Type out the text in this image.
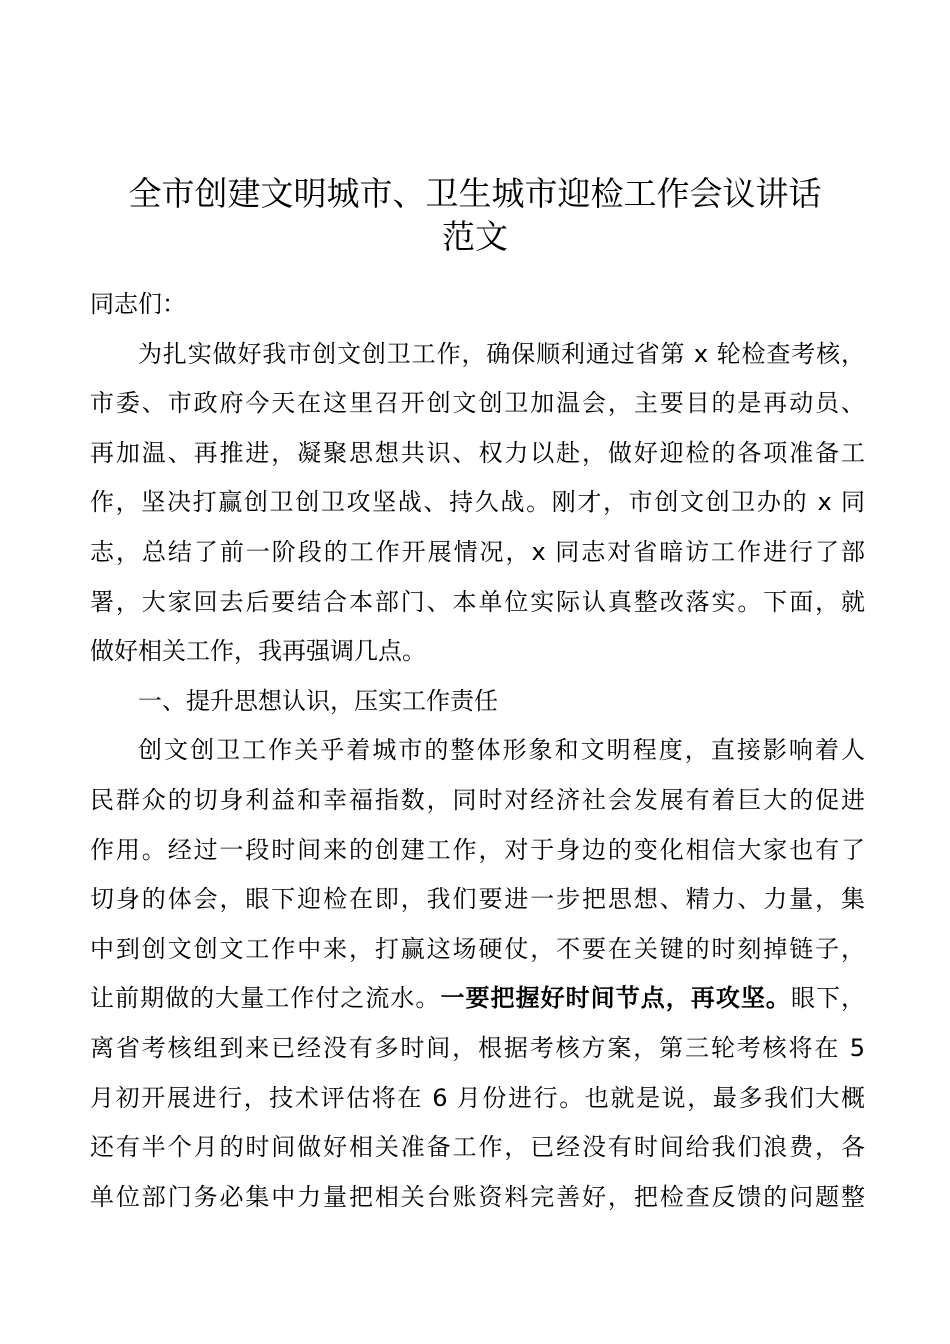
全市创建文明城市、卫生城市迎检工作会议讲话
范文

同志们：

为扎实做好我市创文创卫工作，确保顺利通过省第 x 轮检查考核，
市委、市政府今天在这里召开创文创卫加温会，主要目的是再动员、
再加温、再推进，凝聚思想共识、权力以赴，做好迎检的各项准备工
作，坚决打赢创卫创卫攻坚战、持久战。刚才，市创文创卫办的 x 同
志，总结了前一阶段的工作开展情况，x 同志对省暗访工作进行了部
署，大家回去后要结合本部门、本单位实际认真整改落实。下面，就
做好相关工作，我再强调几点。

一、提升思想认识，压实工作责任

创文创卫工作关乎着城市的整体形象和文明程度，直接影响着人
民群众的切身利益和幸福指数，同时对经济社会发展有着巨大的促进
作用。经过一段时间来的创建工作，对于身边的变化相信大家也有了
切身的体会，眼下迎检在即，我们要进一步把思想、精力、力量，集
中到创文创文工作中来，打赢这场硬仗，不要在关键的时刻掉链子，
让前期做的大量工作付之流水。一要把握好时间节点，再攻坚。眼下，
离省考核组到来已经没有多时间，根据考核方案，第三轮考核将在 5
月初开展进行，技术评估将在 6 月份进行。也就是说，最多我们大概
还有半个月的时间做好相关准备工作，已经没有时间给我们浪费，各
单位部门务必集中力量把相关台账资料完善好，把检查反馈的问题整
